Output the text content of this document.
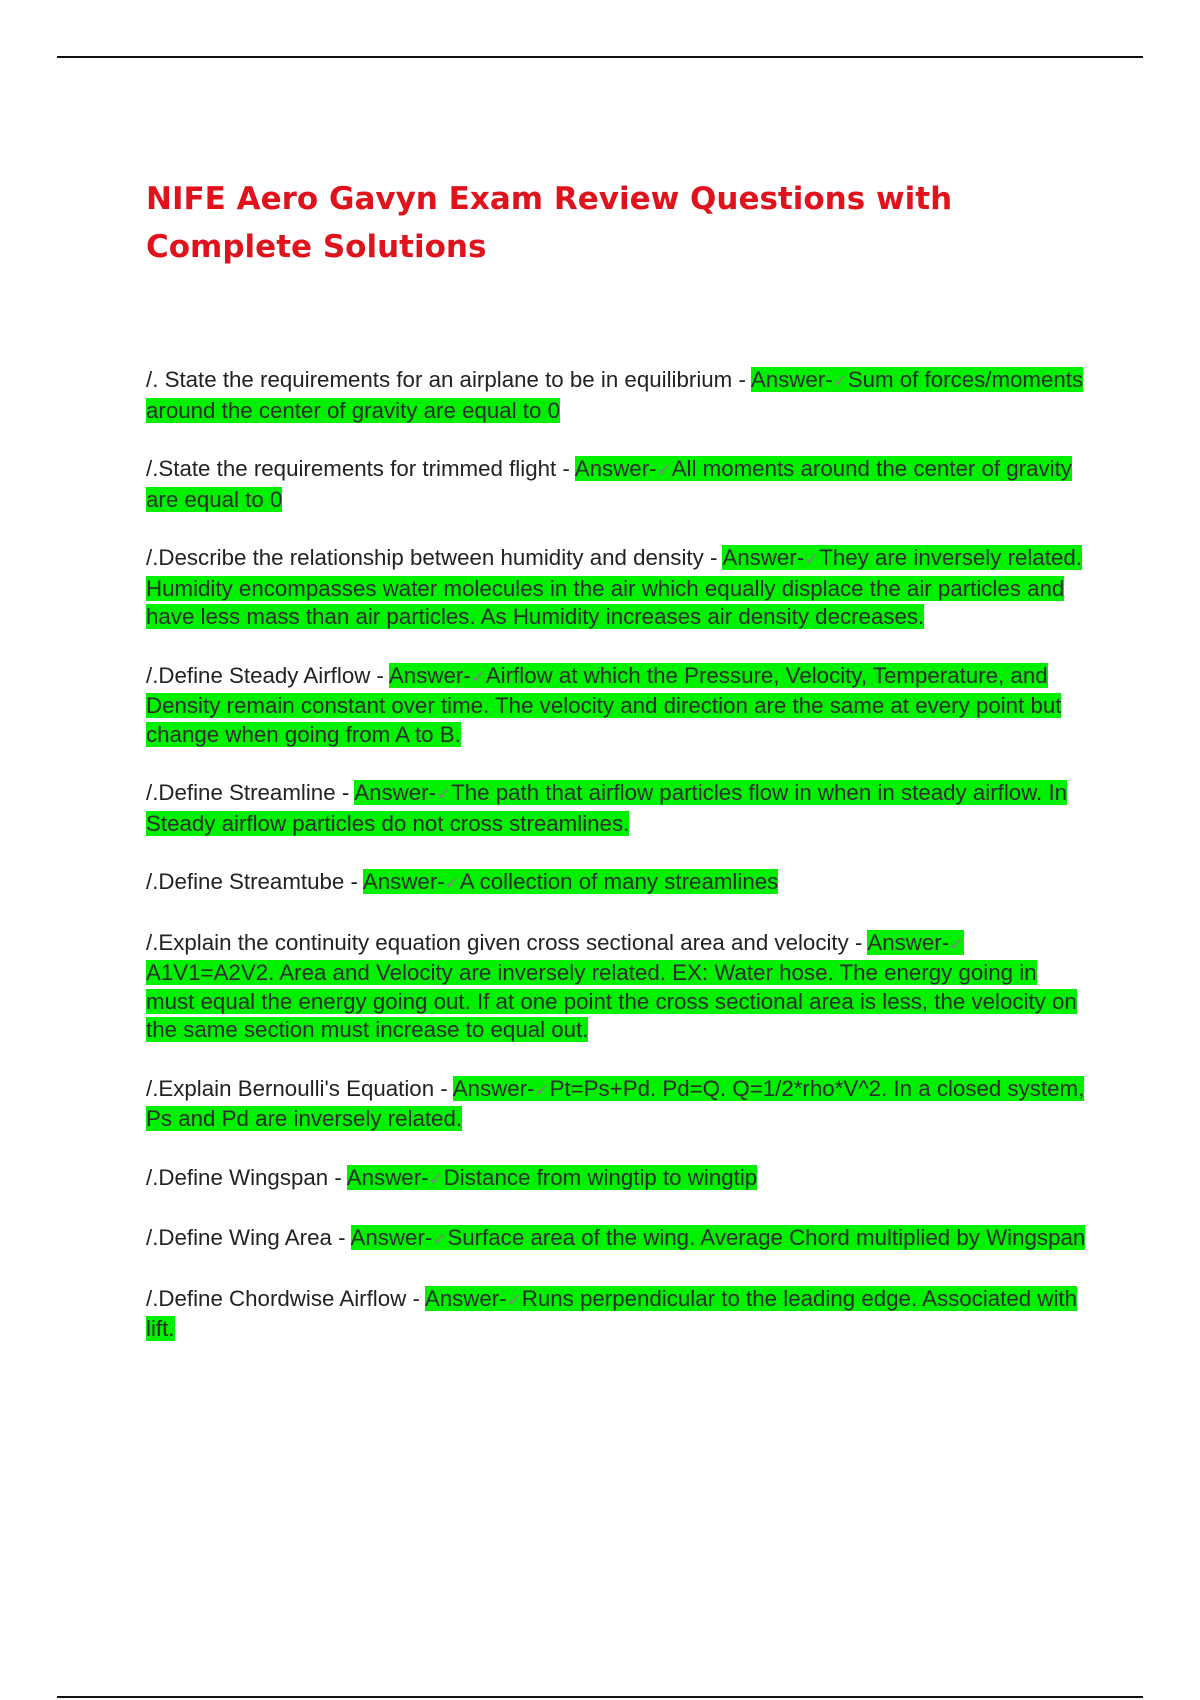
NIFE Aero Gavyn Exam Review Questions with Complete Solutions
/. State the requirements for an airplane to be in equilibrium - Answer-✓Sum of forces/moments around the center of gravity are equal to 0
/.State the requirements for trimmed flight - Answer-✓All moments around the center of gravity are equal to 0
/.Describe the relationship between humidity and density - Answer-✓They are inversely related. Humidity encompasses water molecules in the air which equally displace the air particles and have less mass than air particles. As Humidity increases air density decreases.
/.Define Steady Airflow - Answer-✓Airflow at which the Pressure, Velocity, Temperature, and Density remain constant over time. The velocity and direction are the same at every point but change when going from A to B.
/.Define Streamline - Answer-✓The path that airflow particles flow in when in steady airflow. In Steady airflow particles do not cross streamlines.
/.Define Streamtube - Answer-✓A collection of many streamlines
/.Explain the continuity equation given cross sectional area and velocity - Answer-✓A1V1=A2V2. Area and Velocity are inversely related. EX: Water hose. The energy going in must equal the energy going out. If at one point the cross sectional area is less, the velocity on the same section must increase to equal out.
/.Explain Bernoulli's Equation - Answer-✓Pt=Ps+Pd. Pd=Q. Q=1/2*rho*V^2. In a closed system, Ps and Pd are inversely related.
/.Define Wingspan - Answer-✓Distance from wingtip to wingtip
/.Define Wing Area - Answer-✓Surface area of the wing. Average Chord multiplied by Wingspan
/.Define Chordwise Airflow - Answer-✓Runs perpendicular to the leading edge. Associated with lift.
